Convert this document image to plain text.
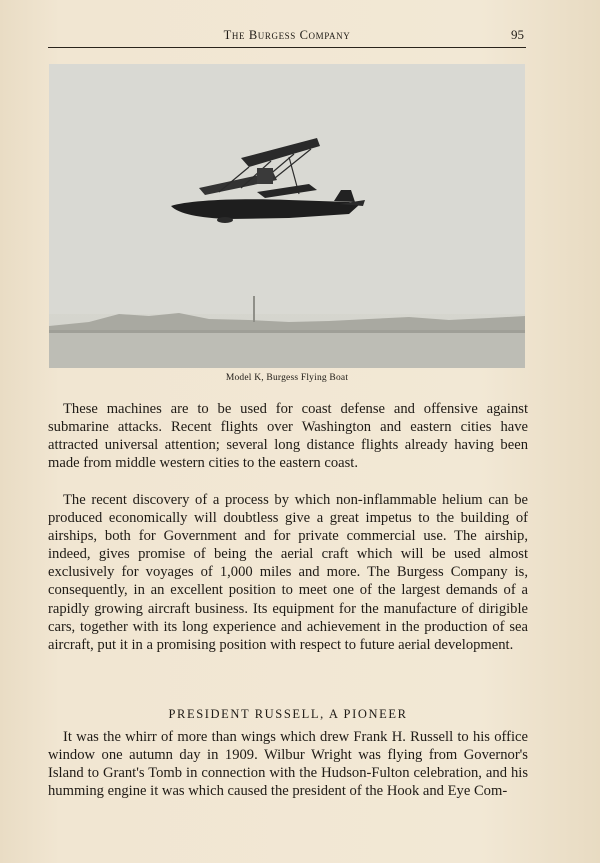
The Burgess Company	95
Model K, Burgess Flying Boat

These machines are to be used for coast defense and offensive against submarine attacks. Recent flights over Washington and eastern cities have attracted universal attention; several long distance flights already having been made from middle western cities to the eastern coast.

The recent discovery of a process by which non-inflammable helium can be produced economically will doubtless give a great impetus to the building of airships, both for Government and for private commercial use. The airship, indeed, gives promise of being the aerial craft which will be used almost exclusively for voyages of 1,000 miles and more. The Burgess Company is, consequently, in an excellent position to meet one of the largest demands of a rapidly growing aircraft business. Its equipment for the manufacture of dirigible cars, together with its long experience and achievement in the production of sea aircraft, put it in a promising position with respect to future aerial development.

PRESIDENT RUSSELL, A PIONEER

It was the whirr of more than wings which drew Frank H. Russell to his office window one autumn day in 1909. Wilbur Wright was flying from Governor's Island to Grant's Tomb in connection with the Hudson-Fulton celebration, and his humming engine it was which caused the president of the Hook and Eye Com-
